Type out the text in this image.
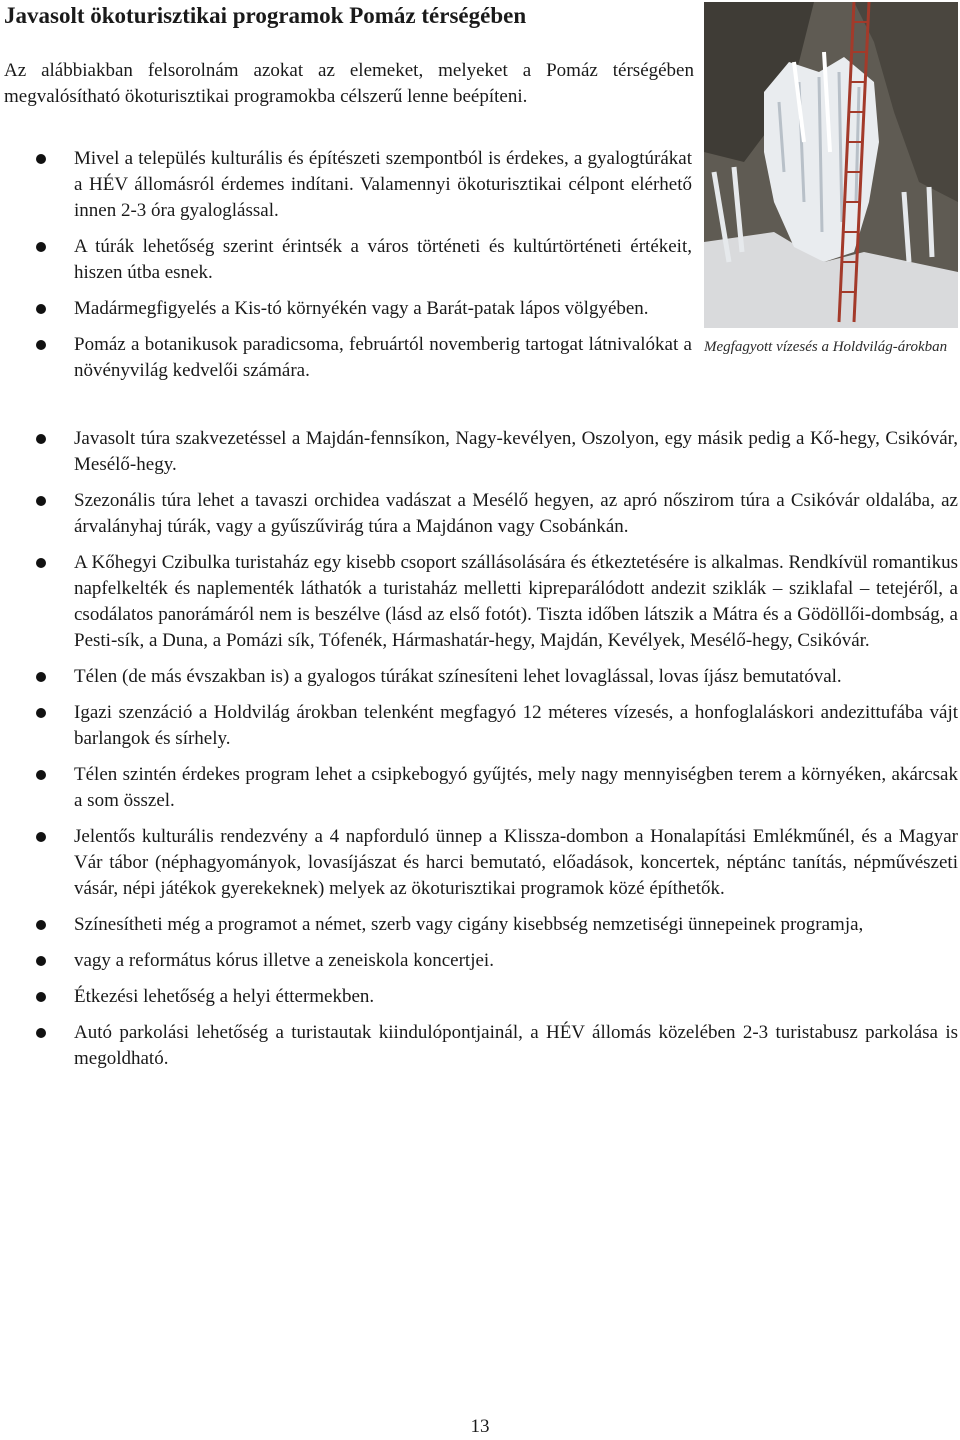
Javasolt ökoturisztikai programok Pomáz térségében

Az alábbiakban felsorolnám azokat az elemeket, melyeket a Pomáz térségében megvalósítható ökoturisztikai programokba célszerű lenne beépíteni.

Megfagyott vízesés a Holdvilág-árokban
Mivel a település kulturális és építészeti szempontból is érdekes, a gyalogtúrákat a HÉV állomásról érdemes indítani. Valamennyi ökoturisztikai célpont elérhető innen 2-3 óra gyaloglással.
A túrák lehetőség szerint érintsék a város történeti és kultúrtörténeti értékeit, hiszen útba esnek.
Madármegfigyelés a Kis-tó környékén vagy a Barát-patak lápos völgyében.
Pomáz a botanikusok paradicsoma, februártól novemberig tartogat látnivalókat a növényvilág kedvelői számára.
Javasolt túra szakvezetéssel a Majdán-fennsíkon, Nagy-kevélyen, Oszolyon, egy másik pedig a Kő-hegy, Csikóvár, Mesélő-hegy.
Szezonális túra lehet a tavaszi orchidea vadászat a Mesélő hegyen, az apró nőszirom túra a Csikóvár oldalába, az árvalányhaj túrák, vagy a gyűszűvirág túra a Majdánon vagy Csobánkán.
A Kőhegyi Czibulka turistaház egy kisebb csoport szállásolására és étkeztetésére is alkalmas. Rendkívül romantikus napfelkelték és naplementék láthatók a turistaház melletti kipreparálódott andezit sziklák – sziklafal – tetejéről, a csodálatos panorámáról nem is beszélve (lásd az első fotót). Tiszta időben látszik a Mátra és a Gödöllői-dombság, a Pesti-sík, a Duna, a Pomázi sík, Tófenék, Hármashatár-hegy, Majdán, Kevélyek, Mesélő-hegy, Csikóvár.
Télen (de más évszakban is) a gyalogos túrákat színesíteni lehet lovaglással, lovas íjász bemutatóval.
Igazi szenzáció a Holdvilág árokban telenként megfagyó 12 méteres vízesés, a honfoglaláskori andezittufába vájt barlangok és sírhely.
Télen szintén érdekes program lehet a csipkebogyó gyűjtés, mely nagy mennyiségben terem a környéken, akárcsak a som összel.
Jelentős kulturális rendezvény a 4 napforduló ünnep a Klissza-dombon a Honalapítási Emlékműnél, és a Magyar Vár tábor (néphagyományok, lovasíjászat és harci bemutató, előadások, koncertek, néptánc tanítás, népművészeti vásár, népi játékok gyerekeknek) melyek az ökoturisztikai programok közé építhetők.
Színesítheti még a programot a német, szerb vagy cigány kisebbség nemzetiségi ünnepeinek programja,
vagy a református kórus illetve a zeneiskola koncertjei.
Étkezési lehetőség a helyi éttermekben.
Autó parkolási lehetőség a turistautak kiindulópontjainál, a HÉV állomás közelében 2-3 turistabusz parkolása is megoldható.
13
